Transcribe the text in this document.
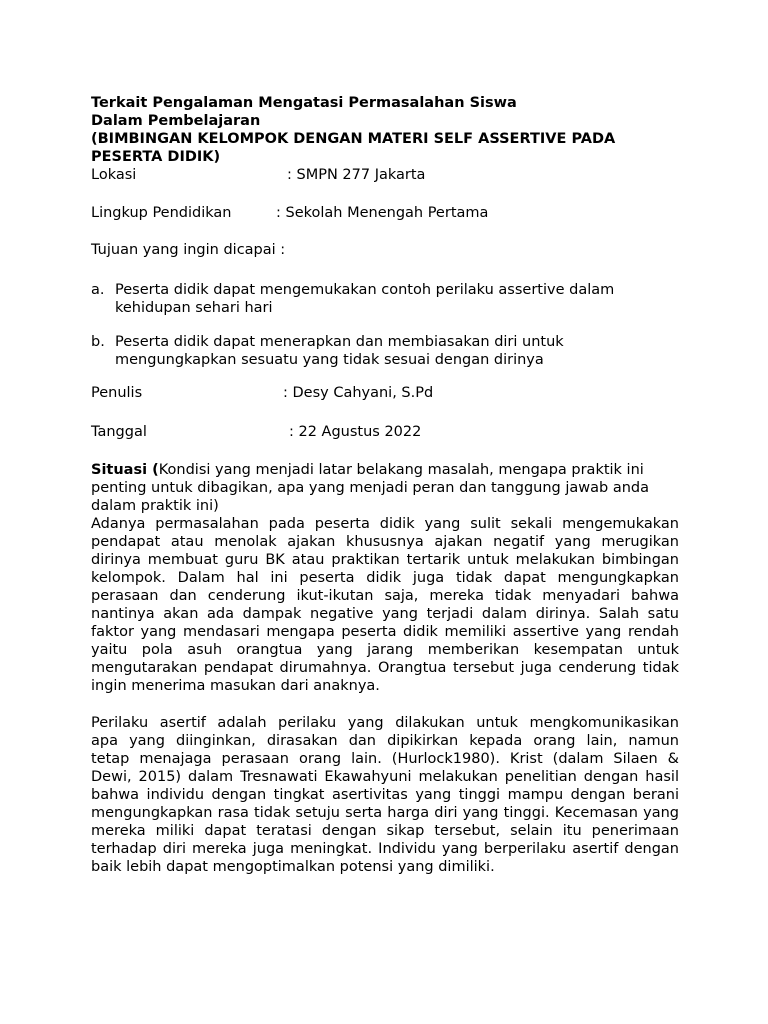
Terkait Pengalaman Mengatasi Permasalahan Siswa
Dalam Pembelajaran
(BIMBINGAN KELOMPOK DENGAN MATERI SELF ASSERTIVE PADA
PESERTA DIDIK)
Lokasi	: SMPN 277 Jakarta
Lingkup Pendidikan	: Sekolah Menengah Pertama
Tujuan yang ingin dicapai :
a. Peserta didik dapat mengemukakan contoh perilaku assertive dalam
kehidupan sehari hari
b. Peserta didik dapat menerapkan dan membiasakan diri untuk
mengungkapkan sesuatu yang tidak sesuai dengan dirinya
Penulis	: Desy Cahyani, S.Pd
Tanggal	: 22 Agustus 2022
Situasi (Kondisi yang menjadi latar belakang masalah, mengapa praktik ini
penting untuk dibagikan, apa yang menjadi peran dan tanggung jawab anda
dalam praktik ini)
Adanya permasalahan pada peserta didik yang sulit sekali mengemukakan
pendapat atau menolak ajakan khususnya ajakan negatif yang merugikan
dirinya membuat guru BK atau praktikan tertarik untuk melakukan bimbingan
kelompok. Dalam hal ini peserta didik juga tidak dapat mengungkapkan
perasaan dan cenderung ikut-ikutan saja, mereka tidak menyadari bahwa
nantinya akan ada dampak negative yang terjadi dalam dirinya. Salah satu
faktor yang mendasari mengapa peserta didik memiliki assertive yang rendah
yaitu pola asuh orangtua yang jarang memberikan kesempatan untuk
mengutarakan pendapat dirumahnya. Orangtua tersebut juga cenderung tidak
ingin menerima masukan dari anaknya.
Perilaku asertif adalah perilaku yang dilakukan untuk mengkomunikasikan
apa yang diinginkan, dirasakan dan dipikirkan kepada orang lain, namun
tetap menajaga perasaan orang lain. (Hurlock1980). Krist (dalam Silaen &
Dewi, 2015) dalam Tresnawati Ekawahyuni melakukan penelitian dengan hasil
bahwa individu dengan tingkat asertivitas yang tinggi mampu dengan berani
mengungkapkan rasa tidak setuju serta harga diri yang tinggi. Kecemasan yang
mereka miliki dapat teratasi dengan sikap tersebut, selain itu penerimaan
terhadap diri mereka juga meningkat. Individu yang berperilaku asertif dengan
baik lebih dapat mengoptimalkan potensi yang dimiliki.
